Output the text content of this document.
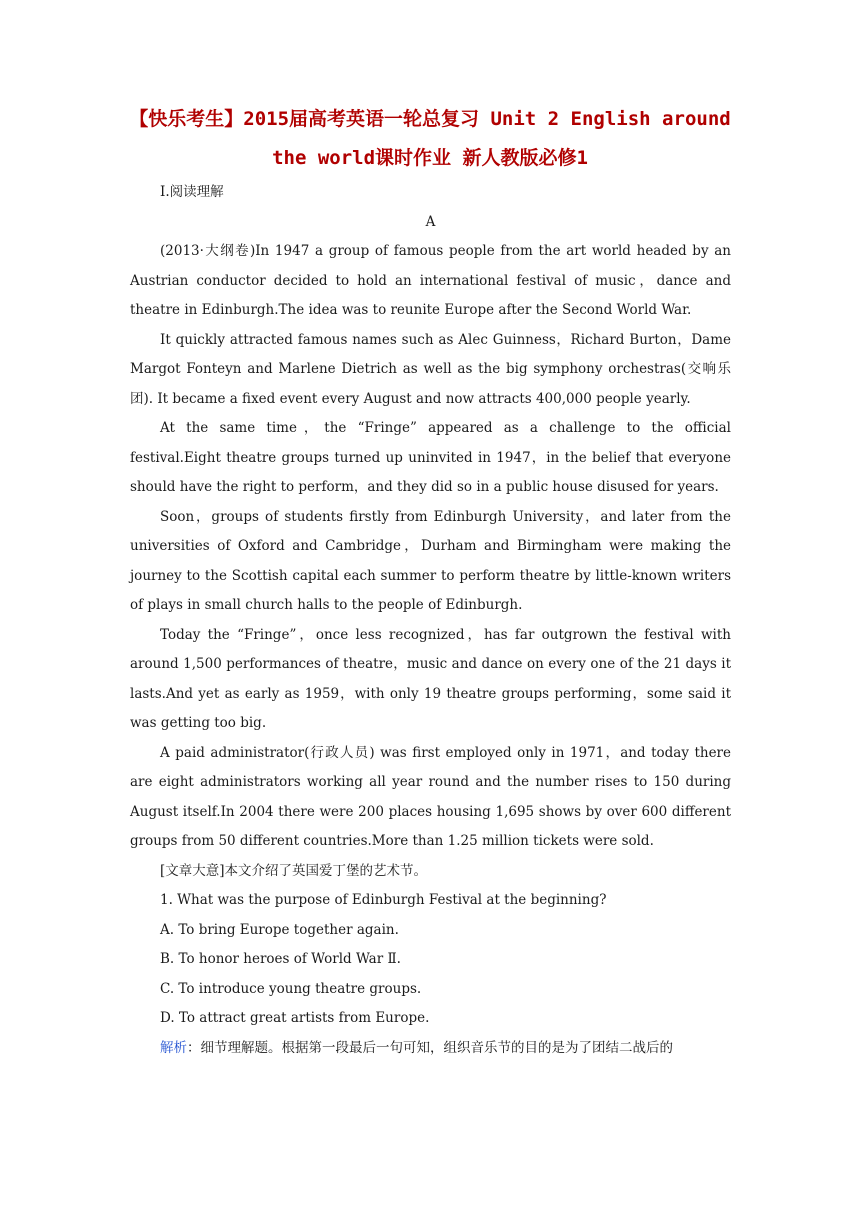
【快乐考生】2015届高考英语一轮总复习 Unit 2 English around
the world课时作业 新人教版必修1

Ⅰ.阅读理解

A

(2013·大纲卷)In 1947 a group of famous people from the art world headed by an Austrian conductor decided to hold an international festival of music，dance and theatre in Edinburgh.The idea was to reunite Europe after the Second World War.

It quickly attracted famous names such as Alec Guinness，Richard Burton，Dame Margot Fonteyn and Marlene Dietrich as well as the big symphony orchestras(交响乐团). It became a fixed event every August and now attracts 400,000 people yearly.

At the same time，the “Fringe” appeared as a challenge to the official festival.Eight theatre groups turned up uninvited in 1947，in the belief that everyone should have the right to perform，and they did so in a public house disused for years.

Soon，groups of students firstly from Edinburgh University，and later from the universities of Oxford and Cambridge，Durham and Birmingham were making the journey to the Scottish capital each summer to perform theatre by little-known writers of plays in small church halls to the people of Edinburgh.

Today the “Fringe”，once less recognized，has far outgrown the festival with around 1,500 performances of theatre，music and dance on every one of the 21 days it lasts.And yet as early as 1959，with only 19 theatre groups performing，some said it was getting too big.

A paid administrator(行政人员) was first employed only in 1971，and today there are eight administrators working all year round and the number rises to 150 during August itself.In 2004 there were 200 places housing 1,695 shows by over 600 different groups from 50 different countries.More than 1.25 million tickets were sold.

[文章大意]本文介绍了英国爱丁堡的艺术节。

1. What was the purpose of Edinburgh Festival at the beginning?

A. To bring Europe together again.

B. To honor heroes of World War Ⅱ.

C. To introduce young theatre groups.

D. To attract great artists from Europe.

解析：细节理解题。根据第一段最后一句可知，组织音乐节的目的是为了团结二战后的
